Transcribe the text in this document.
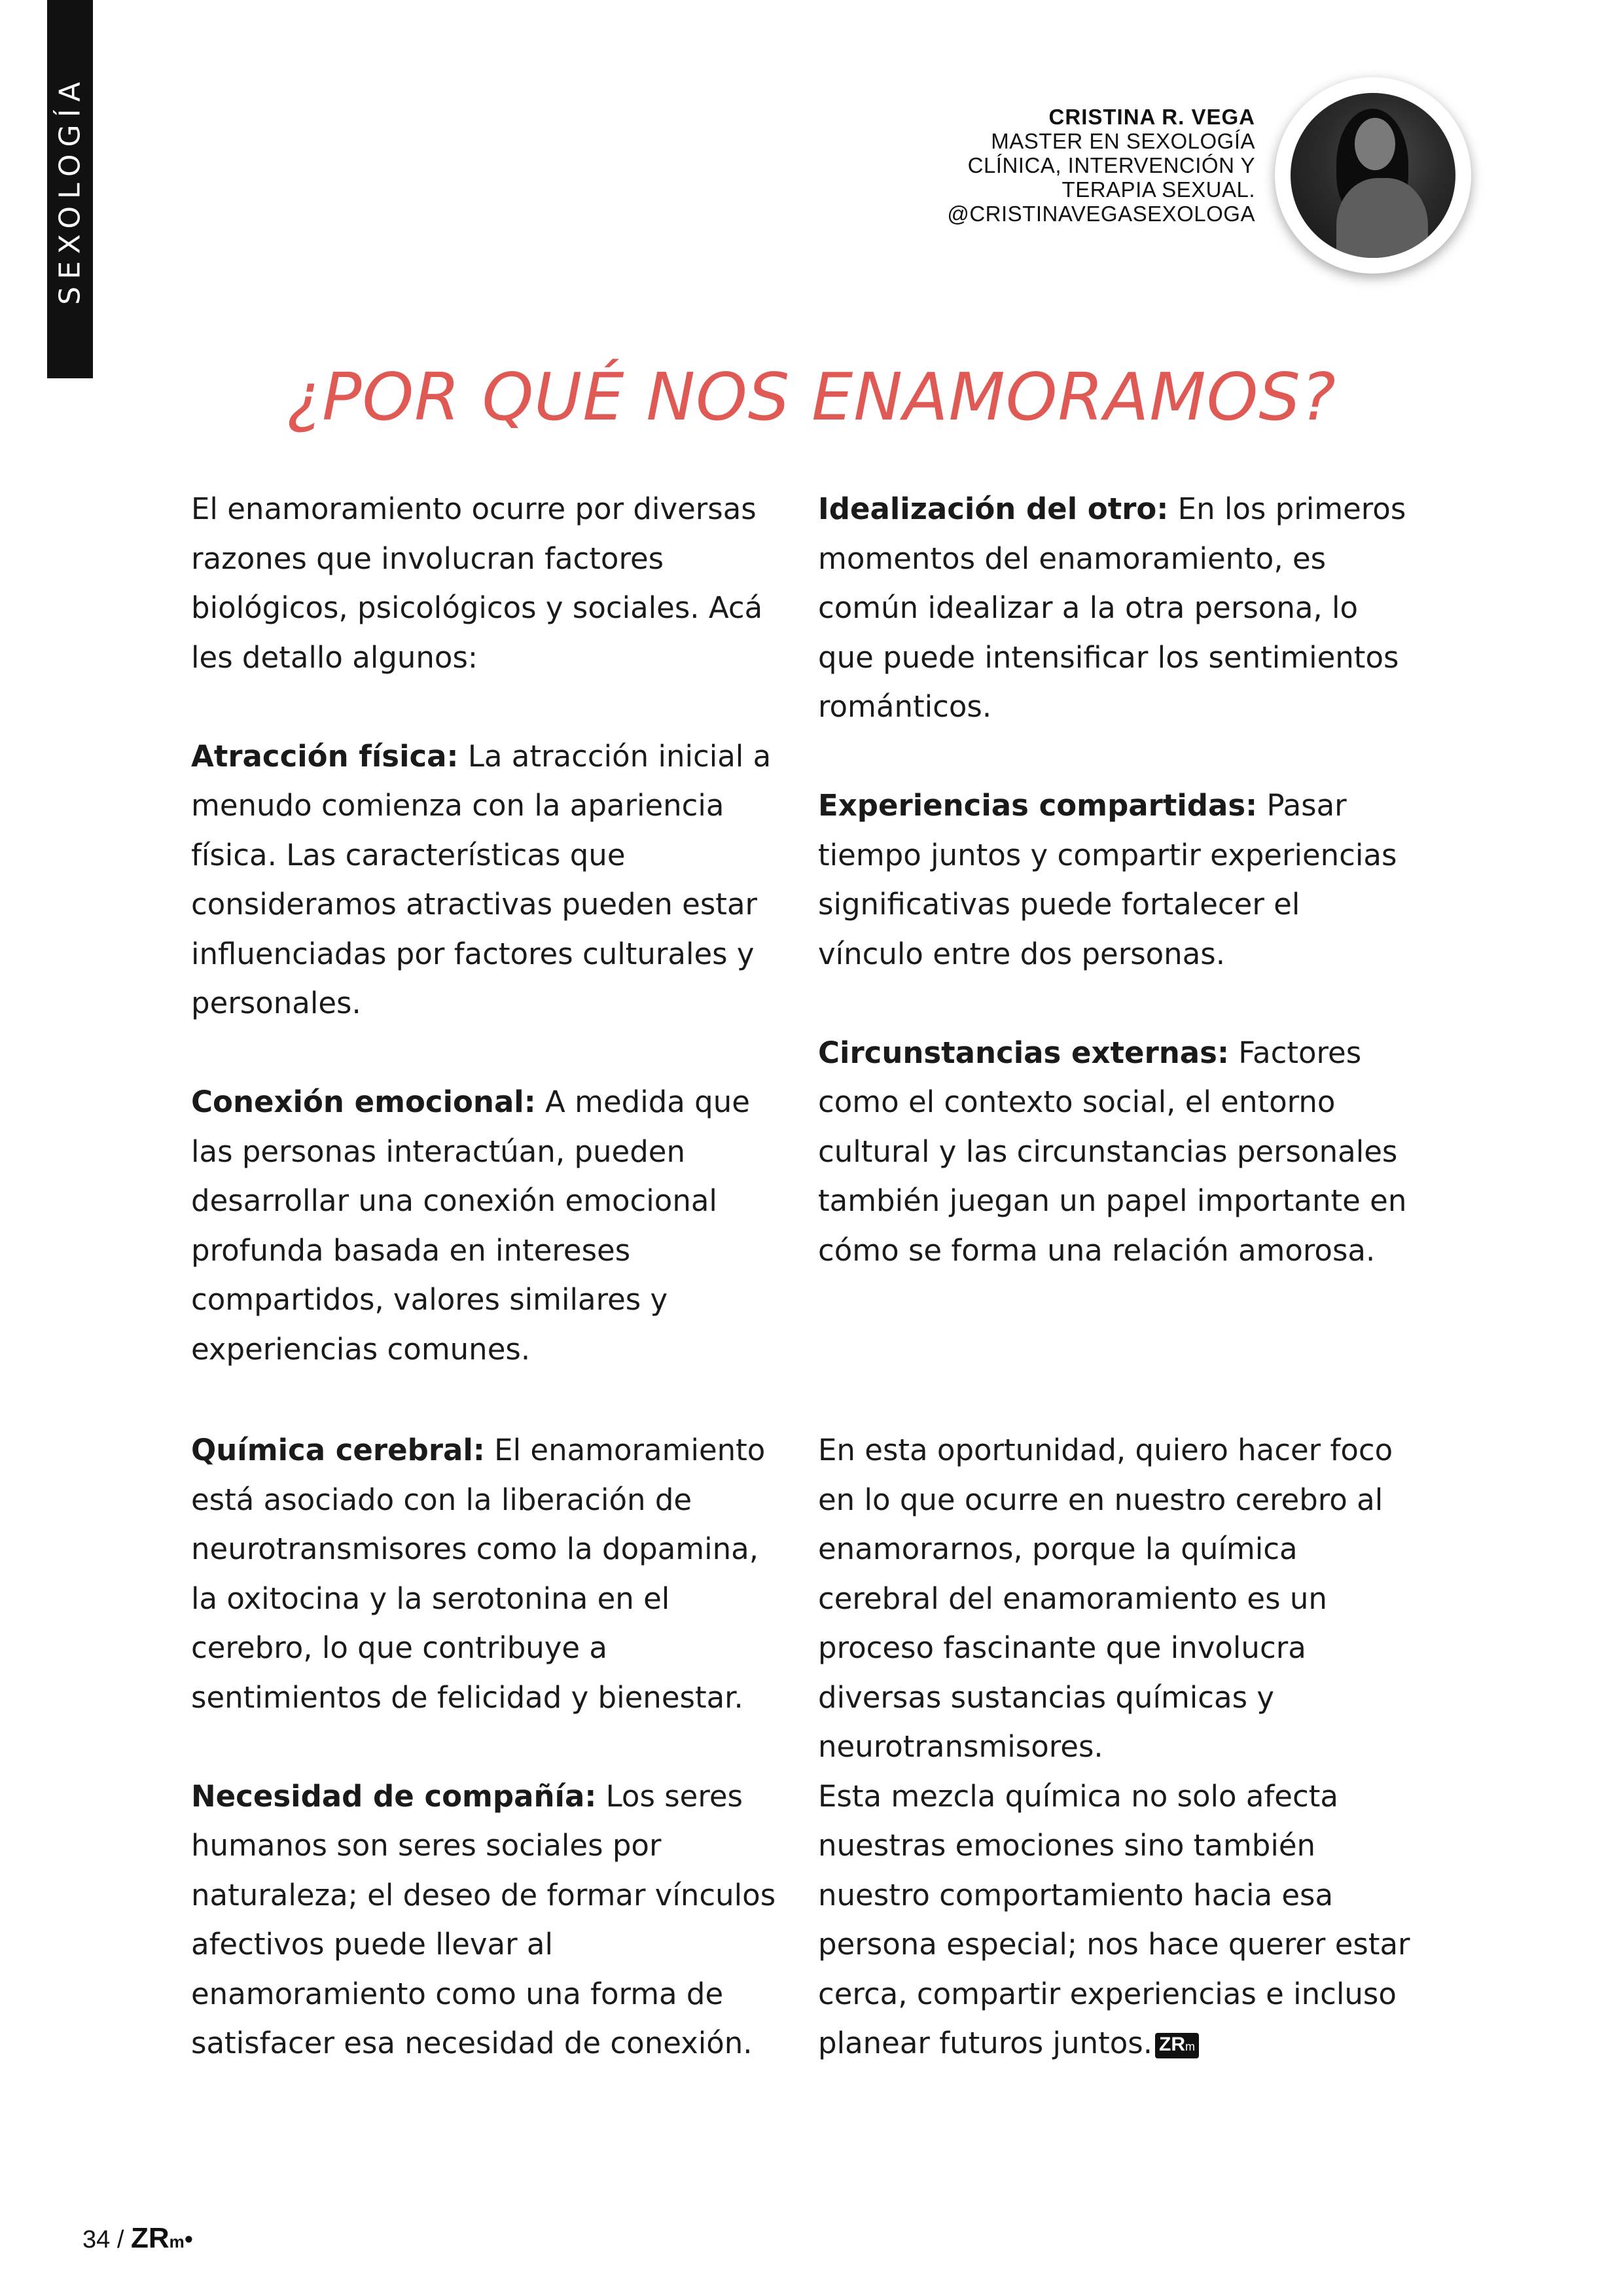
SEXOLOGÍA	CRISTINA R. VEGA
MASTER EN SEXOLOGÍA
CLÍNICA, INTERVENCIÓN Y
TERAPIA SEXUAL.
@CRISTINAVEGASEXOLOGA
¿POR QUÉ NOS ENAMORAMOS?

El enamoramiento ocurre por diversas razones que involucran factores biológicos, psicológicos y sociales. Acá les detallo algunos:

Atracción física: La atracción inicial a menudo comienza con la apariencia física. Las características que consideramos atractivas pueden estar influenciadas por factores culturales y personales.

Conexión emocional: A medida que las personas interactúan, pueden desarrollar una conexión emocional profunda basada en intereses compartidos, valores similares y experiencias comunes.

Idealización del otro: En los primeros momentos del enamoramiento, es común idealizar a la otra persona, lo que puede intensificar los sentimientos románticos.

Experiencias compartidas: Pasar tiempo juntos y compartir experiencias significativas puede fortalecer el vínculo entre dos personas.

Circunstancias externas: Factores como el contexto social, el entorno cultural y las circunstancias personales también juegan un papel importante en cómo se forma una relación amorosa.

Química cerebral: El enamoramiento está asociado con la liberación de neurotransmisores como la dopamina, la oxitocina y la serotonina en el cerebro, lo que contribuye a sentimientos de felicidad y bienestar.

Necesidad de compañía: Los seres humanos son seres sociales por naturaleza; el deseo de formar vínculos afectivos puede llevar al enamoramiento como una forma de satisfacer esa necesidad de conexión.

En esta oportunidad, quiero hacer foco en lo que ocurre en nuestro cerebro al enamorarnos, porque la química cerebral del enamoramiento es un proceso fascinante que involucra diversas sustancias químicas y neurotransmisores.

Esta mezcla química no solo afecta nuestras emociones sino también nuestro comportamiento hacia esa persona especial; nos hace querer estar cerca, compartir experiencias e incluso planear futuros juntos. ZRm

34 / ZRm•
